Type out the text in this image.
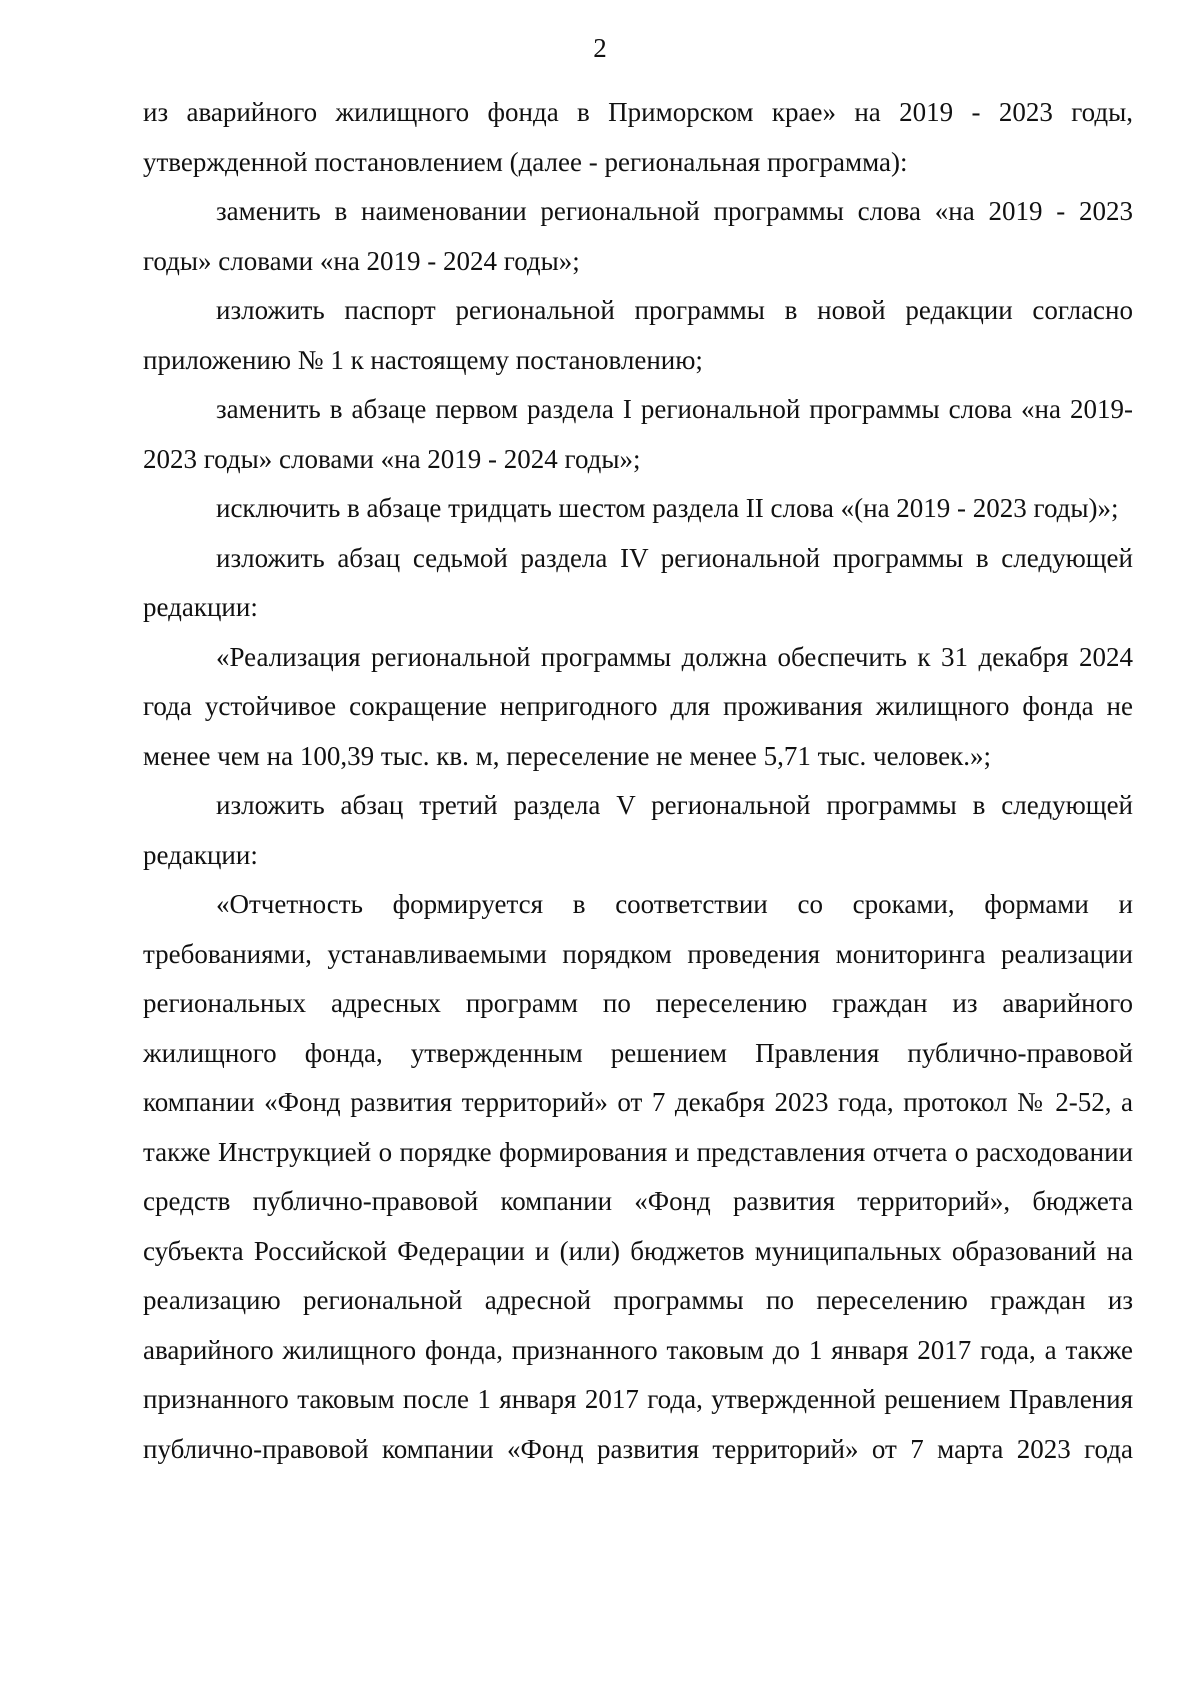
2

из аварийного жилищного фонда в Приморском крае» на 2019 - 2023 годы, утвержденной постановлением (далее - региональная программа):

заменить в наименовании региональной программы слова «на 2019 - 2023 годы» словами «на 2019 - 2024 годы»;

изложить паспорт региональной программы в новой редакции согласно приложению № 1 к настоящему постановлению;

заменить в абзаце первом раздела I региональной программы слова «на 2019-2023 годы» словами «на 2019 - 2024 годы»;

исключить в абзаце тридцать шестом раздела II слова «(на 2019 - 2023 годы)»;

изложить абзац седьмой раздела IV региональной программы в следующей редакции:

«Реализация региональной программы должна обеспечить к 31 декабря 2024 года устойчивое сокращение непригодного для проживания жилищного фонда не менее чем на 100,39 тыс. кв. м, переселение не менее 5,71 тыс. человек.»;

изложить абзац третий раздела V региональной программы в следующей редакции:

«Отчетность формируется в соответствии со сроками, формами и требованиями, устанавливаемыми порядком проведения мониторинга реализации региональных адресных программ по переселению граждан из аварийного жилищного фонда, утвержденным решением Правления публично-правовой компании «Фонд развития территорий» от 7 декабря 2023 года, протокол № 2-52, а также Инструкцией о порядке формирования и представления отчета о расходовании средств публично-правовой компании «Фонд развития территорий», бюджета субъекта Российской Федерации и (или) бюджетов муниципальных образований на реализацию региональной адресной программы по переселению граждан из аварийного жилищного фонда, признанного таковым до 1 января 2017 года, а также признанного таковым после 1 января 2017 года, утвержденной решением Правления публично-правовой компании «Фонд развития территорий» от 7 марта 2023 года
